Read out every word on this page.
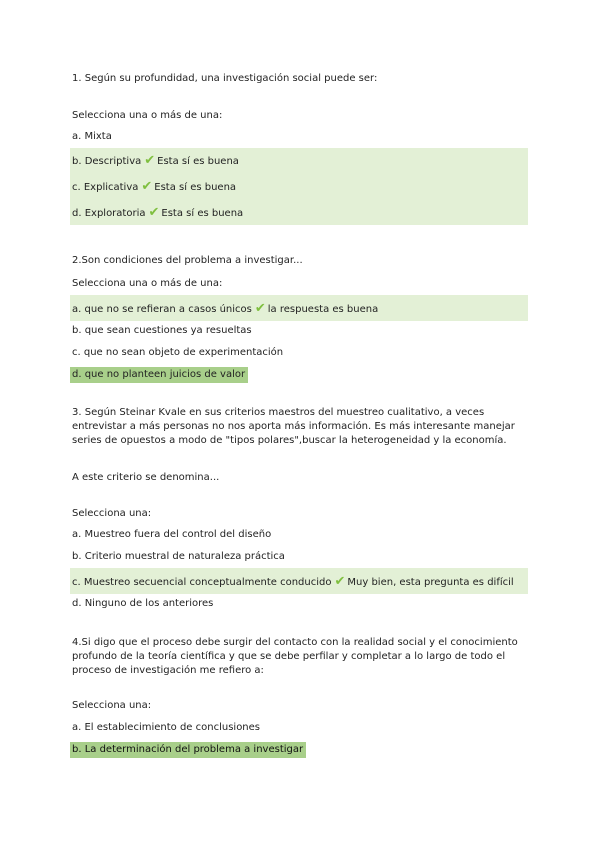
1. Según su profundidad, una investigación social puede ser:
Selecciona una o más de una:
a. Mixta
b. Descriptiva ✔ Esta sí es buena
c. Explicativa ✔ Esta sí es buena
d. Exploratoria ✔ Esta sí es buena
2.Son condiciones del problema a investigar...
Selecciona una o más de una:
a. que no se refieran a casos únicos ✔ la respuesta es buena
b. que sean cuestiones ya resueltas
c. que no sean objeto de experimentación
d. que no planteen juicios de valor
3. Según Steinar Kvale en sus criterios maestros del muestreo cualitativo, a veces entrevistar a más personas no nos aporta más información. Es más interesante manejar series de opuestos a modo de "tipos polares",buscar la heterogeneidad y la economía.
A este criterio se denomina...
Selecciona una:
a. Muestreo fuera del control del diseño
b. Criterio muestral de naturaleza práctica
c. Muestreo secuencial conceptualmente conducido ✔ Muy bien, esta pregunta es difícil
d. Ninguno de los anteriores
4.Si digo que el proceso debe surgir del contacto con la realidad social y el conocimiento profundo de la teoría científica y que se debe perfilar y completar a lo largo de todo el proceso de investigación me refiero a:
Selecciona una:
a. El establecimiento de conclusiones
b. La determinación del problema a investigar
